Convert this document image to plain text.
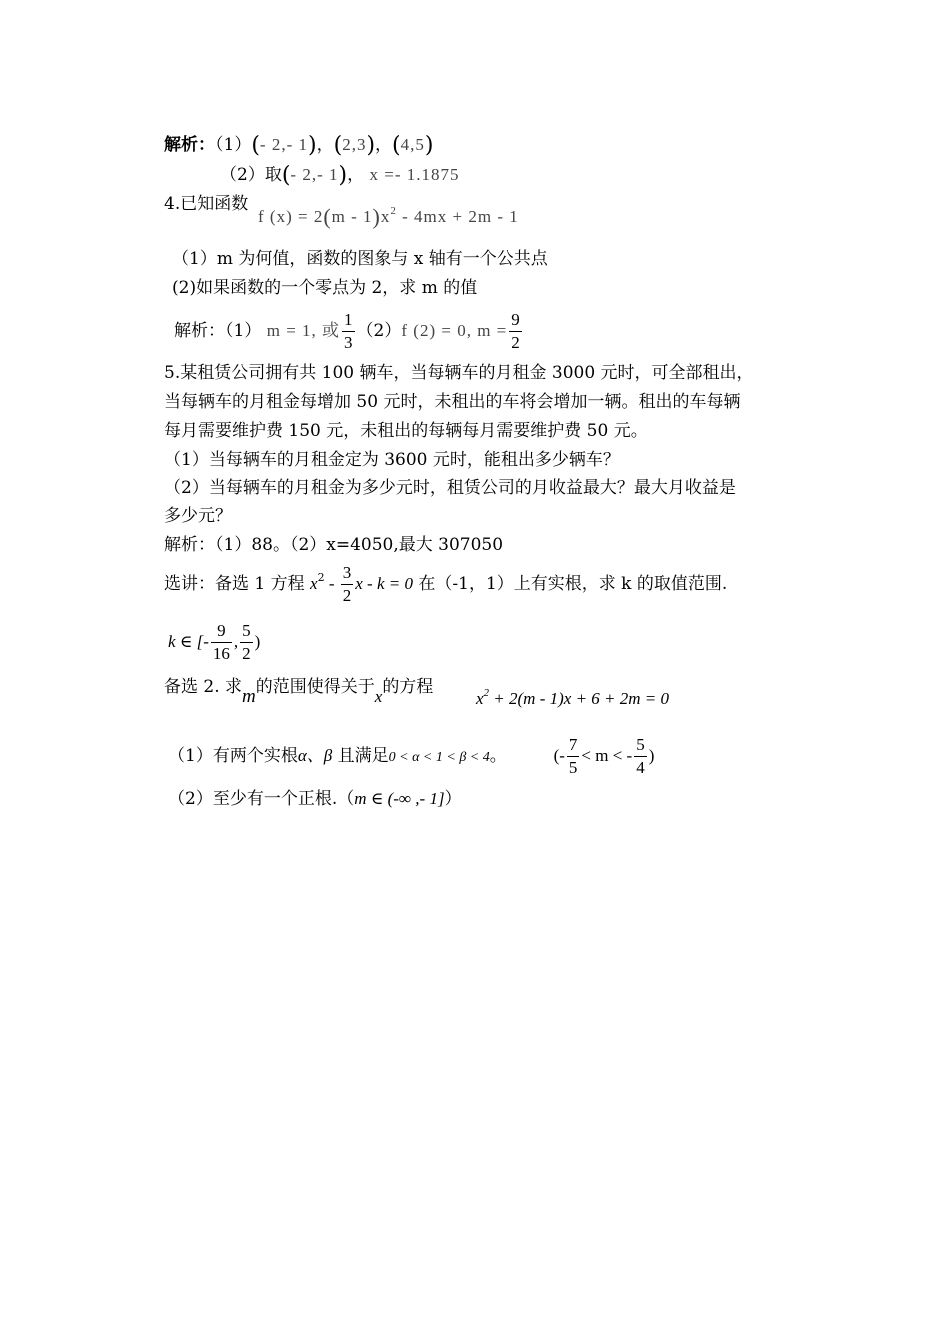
解析：（1）(- 2,- 1)，(2,3)，(4,5)
（2）取(- 2,- 1)， x =- 1.1875
4.已知函数
f $(x) = 2(m - 1)x^2 - 4mx + 2m - 1$
（1）m 为何值，函数的图象与 x 轴有一个公共点
(2)如果函数的一个零点为 2，求 m 的值
解析：（1） m = 1, 或 $\frac{1}{3} (2)f$ (2) = 0, $m = \frac{9}{2}$
5.某租赁公司拥有共 100 辆车，当每辆车的月租金 3000 元时，可全部租出，
当每辆车的月租金每增加 50 元时，未租出的车将会增加一辆。租出的车每辆
每月需要维护费 150 元，未租出的每辆每月需要维护费 50 元。
（1）当每辆车的月租金定为 3600 元时，能租出多少辆车？
（2）当每辆车的月租金为多少元时，租赁公司的月收益最大？最大月收益是
多少元？
解析：（1）88。（2）x=4050,最大 307050
选讲：备选 1 方程 $x^2 - \frac{3}{2}$ x - k = 0 在（-1，1）上有实根，求 k 的取值范围.
k ∈ [- $\frac{9}{16}$ , $\frac{5}{2}$ )
备选 2. 求m的范围使得关于x的方程
$x^2 + 2(m - 1)x + 6 + 2m = 0$
（1）有两个实根α、β 且满足0 < α < 1 < β < 4。	(- $\frac{7}{5} < m$ < - $\frac{5}{4}$ )
（2）至少有一个正根.（m ∈ (-∞ ,- 1]）
